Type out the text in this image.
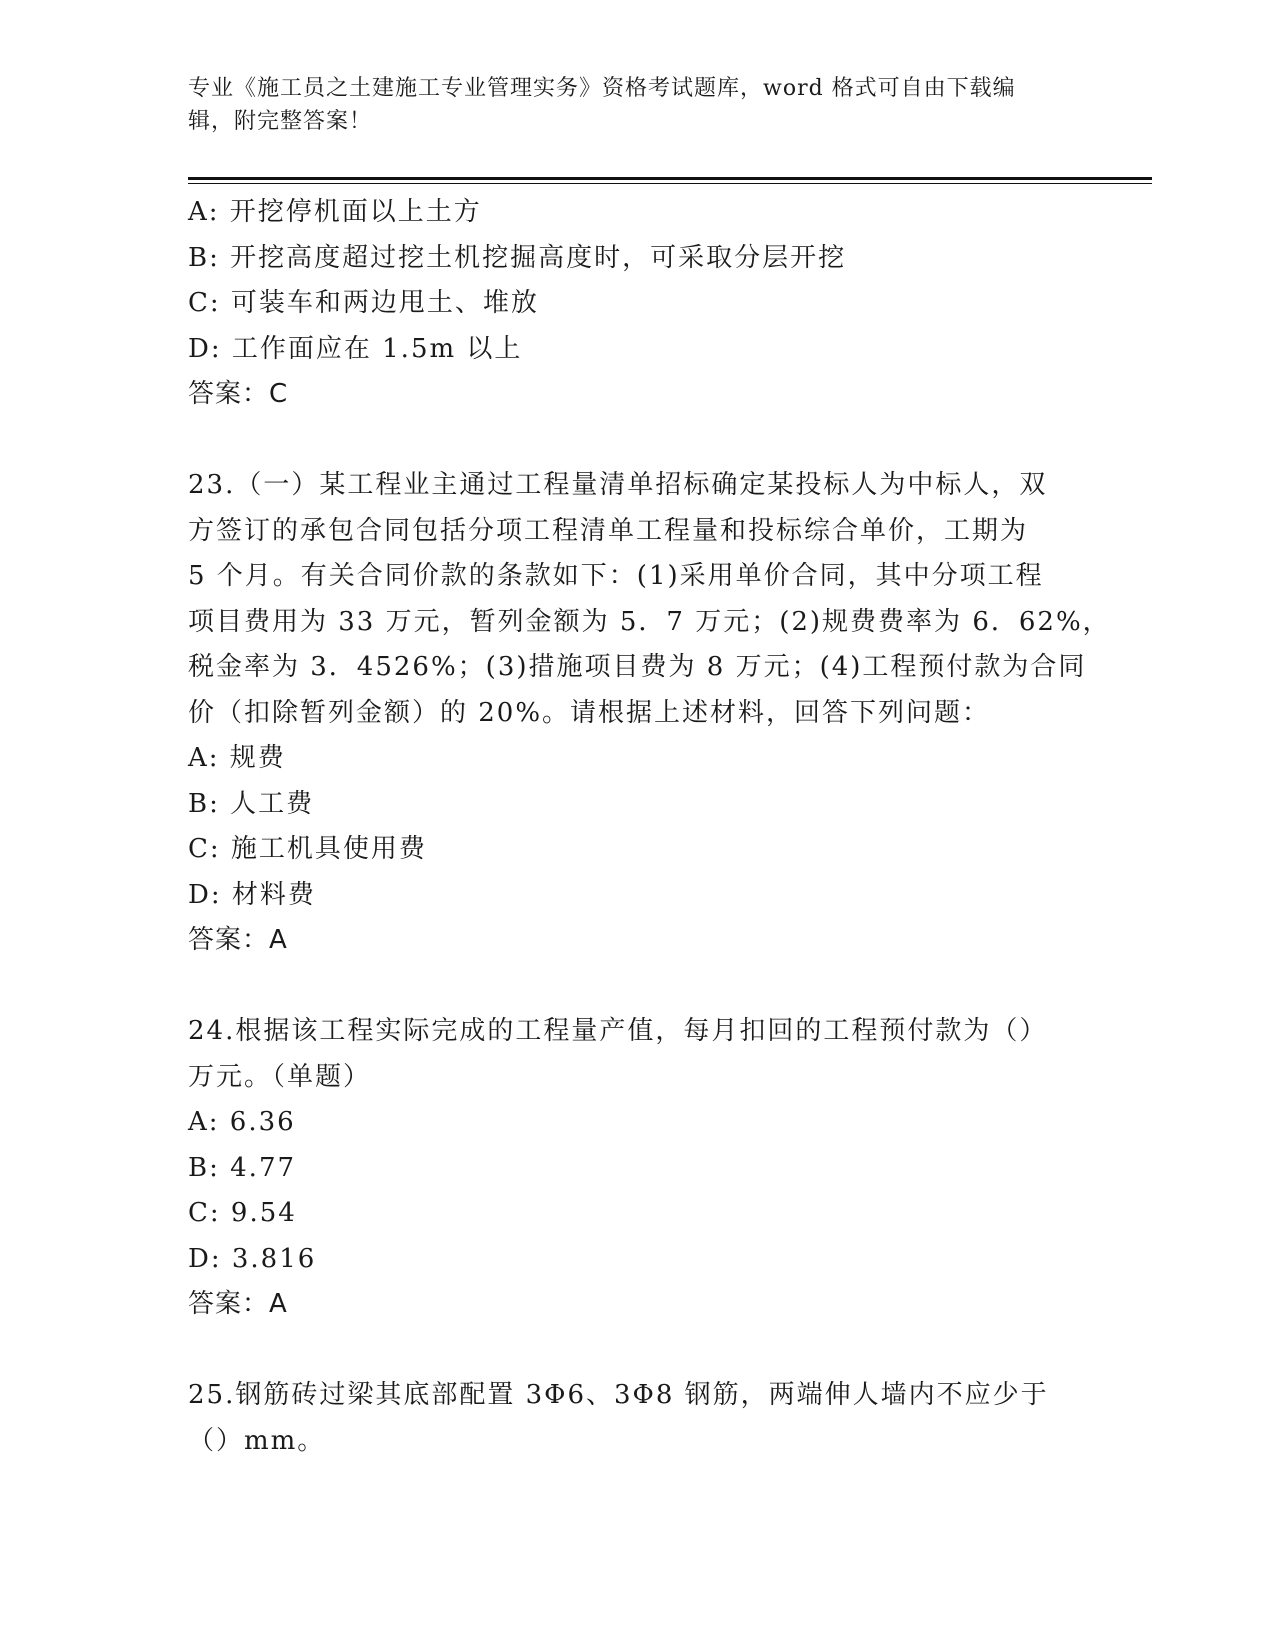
专业《施工员之土建施工专业管理实务》资格考试题库，word 格式可自由下载编
辑，附完整答案！
A: 开挖停机面以上土方
B: 开挖高度超过挖土机挖掘高度时，可采取分层开挖
C: 可装车和两边甩土、堆放
D: 工作面应在 1.5m 以上
答案：C
23.（一）某工程业主通过工程量清单招标确定某投标人为中标人，双
方签订的承包合同包括分项工程清单工程量和投标综合单价，工期为
5 个月。有关合同价款的条款如下：(1)采用单价合同，其中分项工程
项目费用为 33 万元，暂列金额为 5．7 万元；(2)规费费率为 6．62%，
税金率为 3．4526%；(3)措施项目费为 8 万元；(4)工程预付款为合同
价（扣除暂列金额）的 20%。请根据上述材料，回答下列问题：
A: 规费
B: 人工费
C: 施工机具使用费
D: 材料费
答案：A
24.根据该工程实际完成的工程量产值，每月扣回的工程预付款为（）
万元。（单题）
A: 6.36
B: 4.77
C: 9.54
D: 3.816
答案：A
25.钢筋砖过梁其底部配置 3Φ6、3Φ8 钢筋，两端伸人墙内不应少于
（）mm。
